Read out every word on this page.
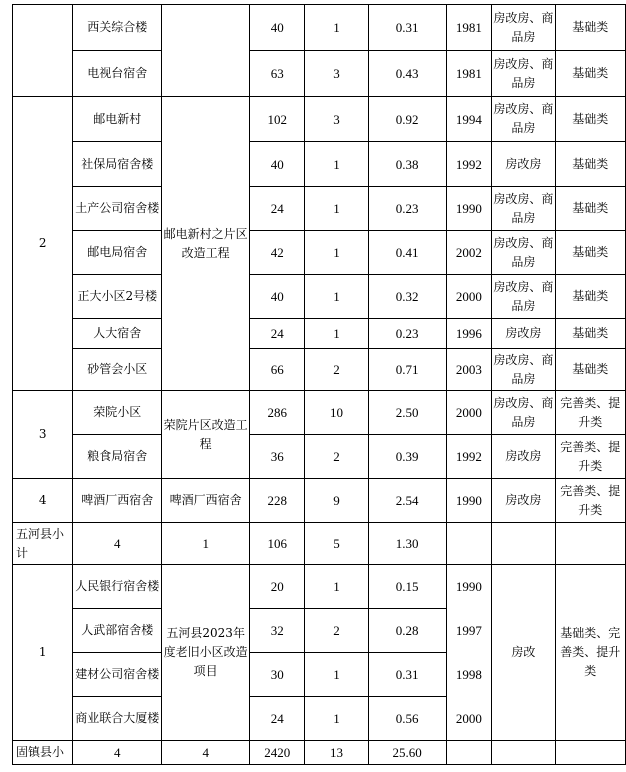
	西关综合楼		40	1	0.31	1981	房改房、商品房	基础类
	电视台宿舍		63	3	0.43	1981	房改房、商品房	基础类
2	邮电新村	邮电新村之片区改造工程	102	3	0.92	1994	房改房、商品房	基础类
	社保局宿舍楼		40	1	0.38	1992	房改房	基础类
	土产公司宿舍楼		24	1	0.23	1990	房改房、商品房	基础类
	邮电局宿舍		42	1	0.41	2002	房改房、商品房	基础类
	正大小区2号楼		40	1	0.32	2000	房改房、商品房	基础类
	人大宿舍		24	1	0.23	1996	房改房	基础类
	砂管会小区		66	2	0.71	2003	房改房、商品房	基础类
3	荣院小区	荣院片区改造工程	286	10	2.50	2000	房改房、商品房	完善类、提升类
	粮食局宿舍		36	2	0.39	1992	房改房	完善类、提升类
4	啤酒厂西宿舍	啤酒厂西宿舍	228	9	2.54	1990	房改房	完善类、提升类
五河县小计	4	1	106	5	1.30			
1	人民银行宿舍楼	五河县2023年度老旧小区改造项目	20	1	0.15	1990	房改	基础类、完善类、提升类
	人武部宿舍楼		32	2	0.28	1997		
	建材公司宿舍楼		30	1	0.31	1998		
	商业联合大厦楼		24	1	0.56	2000		
固镇县小	4	4	2420	13	25.60			
